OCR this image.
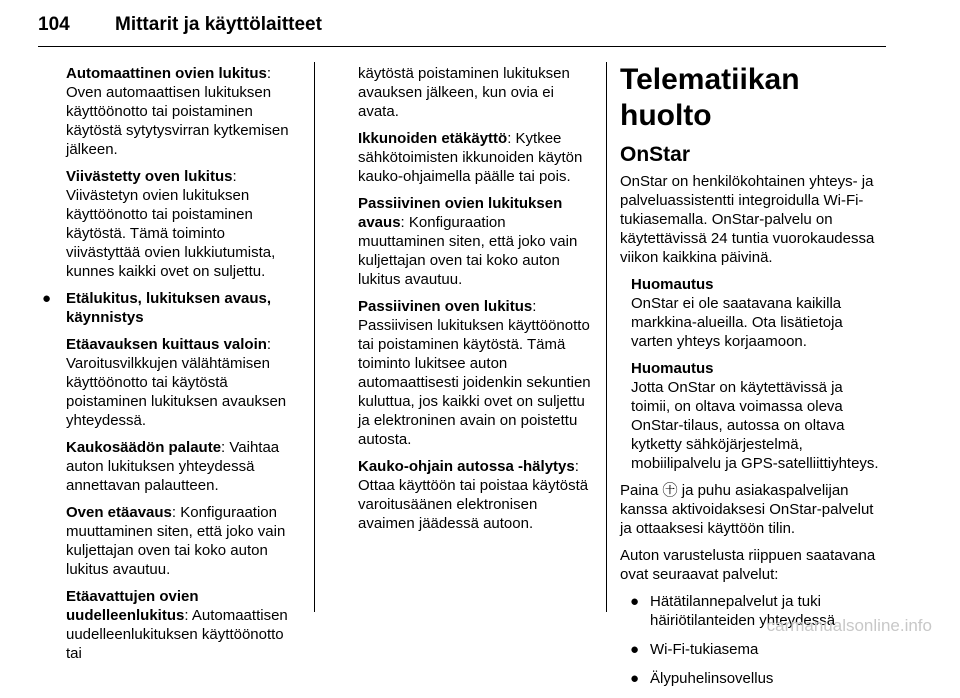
104 Mittarit ja käyttölaitteet

Automaattinen ovien lukitus: Oven automaattisen lukituksen käyttöönotto tai poistaminen käytöstä sytytysvirran kytkemisen jälkeen.

Viivästetty oven lukitus: Viivästetyn ovien lukituksen käyttöönotto tai poistaminen käytöstä. Tämä toiminto viivästyttää ovien lukkiutumista, kunnes kaikki ovet on suljettu.

● Etälukitus, lukituksen avaus, käynnistys

Etäavauksen kuittaus valoin: Varoitusvilkkujen välähtämisen käyttöönotto tai käytöstä poistaminen lukituksen avauksen yhteydessä.

Kaukosäädön palaute: Vaihtaa auton lukituksen yhteydessä annettavan palautteen.

Oven etäavaus: Konfiguraation muuttaminen siten, että joko vain kuljettajan oven tai koko auton lukitus avautuu.

Etäavattujen ovien uudelleenlukitus: Automaattisen uudelleenlukituksen käyttöönotto tai

käytöstä poistaminen lukituksen avauksen jälkeen, kun ovia ei avata.

Ikkunoiden etäkäyttö: Kytkee sähkötoimisten ikkunoiden käytön kauko-ohjaimella päälle tai pois.

Passiivinen ovien lukituksen avaus: Konfiguraation muuttaminen siten, että joko vain kuljettajan oven tai koko auton lukitus avautuu.

Passiivinen oven lukitus: Passiivisen lukituksen käyttöönotto tai poistaminen käytöstä. Tämä toiminto lukitsee auton automaattisesti joidenkin sekuntien kuluttua, jos kaikki ovet on suljettu ja elektroninen avain on poistettu autosta.

Kauko-ohjain autossa -hälytys: Ottaa käyttöön tai poistaa käytöstä varoitusäänen elektronisen avaimen jäädessä autoon.

Telematiikan huolto
OnStar

OnStar on henkilökohtainen yhteys- ja palveluassistentti integroidulla Wi-Fi-tukiasemalla. OnStar-palvelu on käytettävissä 24 tuntia vuorokaudessa viikon kaikkina päivinä.

Huomautus
OnStar ei ole saatavana kaikilla markkina-alueilla. Ota lisätietoja varten yhteys korjaamoon.
Huomautus
Jotta OnStar on käytettävissä ja toimii, on oltava voimassa oleva OnStar-tilaus, autossa on oltava kytketty sähköjärjestelmä, mobiilipalvelu ja GPS-satelliittiyhteys.

Paina ㊉ ja puhu asiakaspalvelijan kanssa aktivoidaksesi OnStar-palvelut ja ottaaksesi käyttöön tilin.

Auton varustelusta riippuen saatavana ovat seuraavat palvelut:

● Hätätilannepalvelut ja tuki häiriötilanteiden yhteydessä

● Wi-Fi-tukiasema

● Älypuhelinsovellus

carmanualsonline.info
